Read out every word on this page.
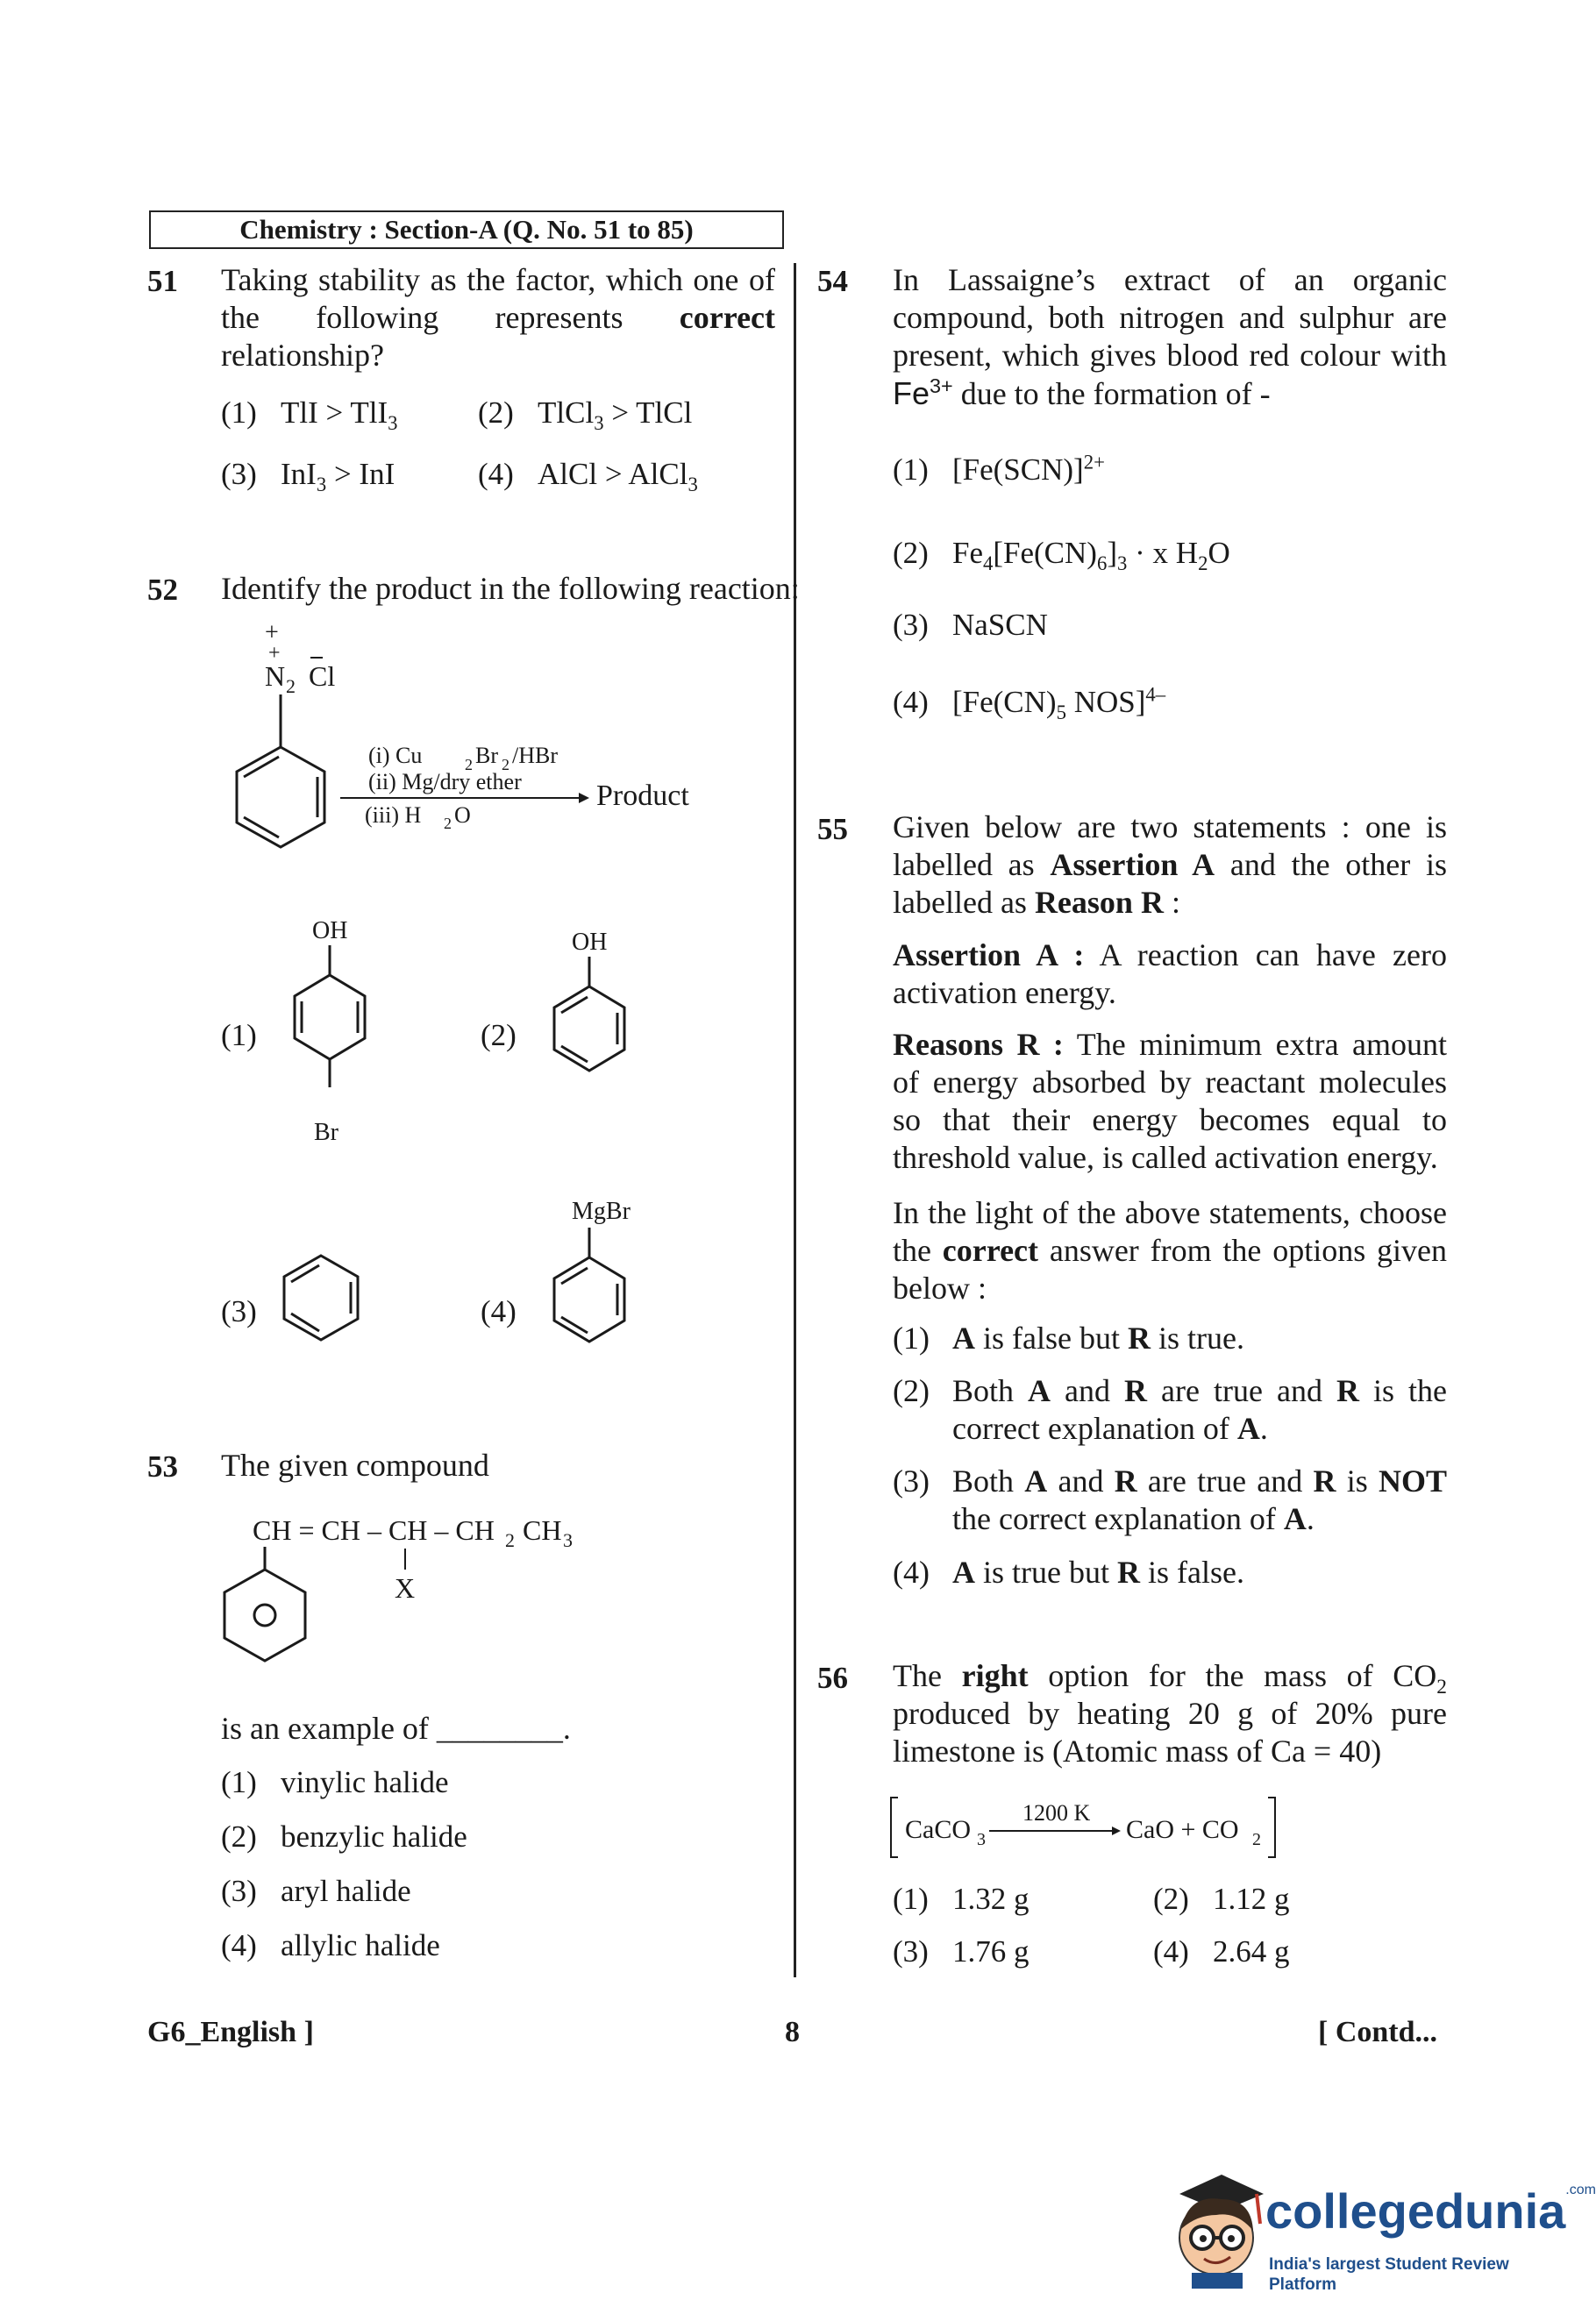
Chemistry : Section-A (Q. No. 51 to 85)
51 Taking stability as the factor, which one of the following represents correct relationship?
(1) TlI > TlI$_3$	(2) TlCl$_3$ > TlCl
(3) InI$_3$ > InI	(4) AlCl > AlCl$_3$
52 Identify the product in the following reaction:
+
N 2 Cl
+
(i) Cu	2 Br 2 /HBr
(ii) Mg/dry ether
(iii) H 2 O
Product
(1)
OH
Br
(2)
OH
(3)	(4)
MgBr
53 The given compound
CH = CH – CH – CH 2 CH 3
X
is an example of ________.
(1) vinylic halide
(2) benzylic halide
(3) aryl halide
(4) allylic halide
54 In Lassaigne’s extract of an organic compound, both nitrogen and sulphur are present, which gives blood red colour with $Fe^{3+}$ due to the formation of -
(1) $[Fe(SCN)]^{2+}$
(2) $Fe_4[Fe(CN)_6]_3 \cdot x$ $H_2O$
(3) NaSCN
(4) [$Fe(CN)_5$ NOS]$^{4-}$
55 Given below are two statements : one is labelled as Assertion A and the other is labelled as Reason R :
Assertion A : A reaction can have zero activation energy.
Reasons R : The minimum extra amount of energy absorbed by reactant molecules so that their energy becomes equal to threshold value, is called activation energy.
In the light of the above statements, choose the correct answer from the options given below :
(1) A is false but R is true.
(2) Both A and R are true and R is the correct explanation of A.
(3) Both A and R are true and R is NOT the correct explanation of A.
(4) A is true but R is false.
56 The right option for the mass of $CO_2$ produced by heating 20 g of 20% pure limestone is (Atomic mass of Ca = 40)
CaCO 3
1200 K
CaO + CO 2
(1) 1.32 g	(2) 1.12 g
(3) 1.76 g	(4) 2.64 g
G6_English ]	8	[ Contd...
collegedunia$^{.com}$
India's largest Student Review Platform
